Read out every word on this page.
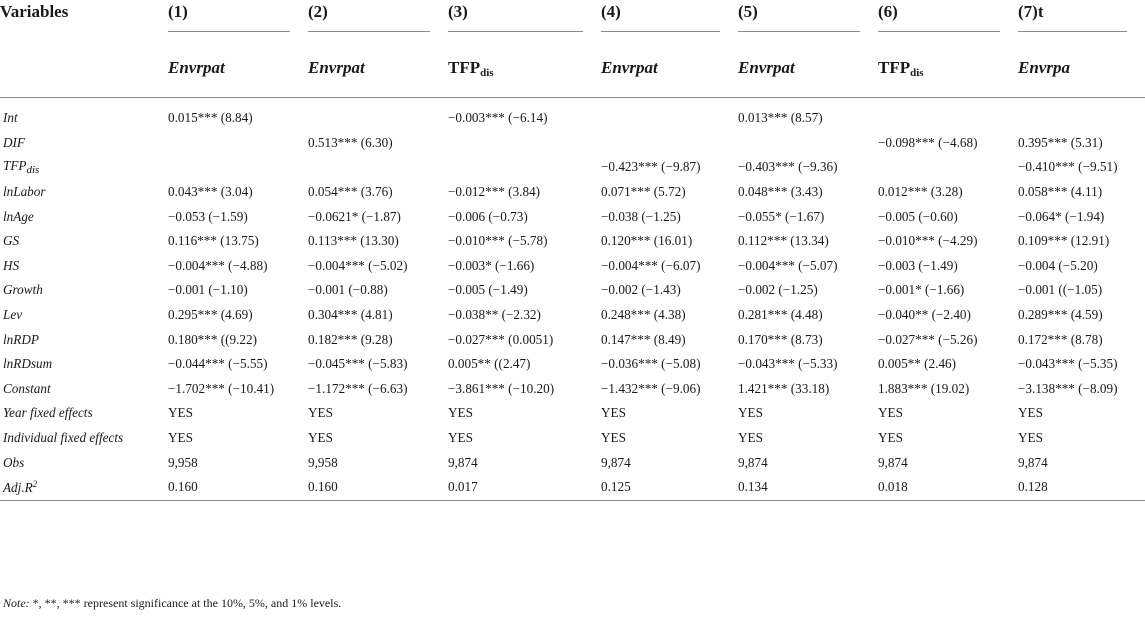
Variables	(1)	(2)	(3)	(4)	(5)	(6)	(7)t

	Envrpat	Envrpat	$TFP_{dis}$	Envrpat	Envrpat	$TFP_{dis}$	Envrpa
Int	0.015*** (8.84)		−0.003*** (−6.14)		0.013*** (8.57)		
DIF		0.513*** (6.30)				−0.098*** (−4.68)	0.395*** (5.31)
$TFP_{dis}$				−0.423*** (−9.87)	−0.403*** (−9.36)		−0.410*** (−9.51)
lnLabor	0.043*** (3.04)	0.054*** (3.76)	−0.012*** (3.84)	0.071*** (5.72)	0.048*** (3.43)	0.012*** (3.28)	0.058*** (4.11)
lnAge	−0.053 (−1.59)	−0.0621* (−1.87)	−0.006 (−0.73)	−0.038 (−1.25)	−0.055* (−1.67)	−0.005 (−0.60)	−0.064* (−1.94)
GS	0.116*** (13.75)	0.113*** (13.30)	−0.010*** (−5.78)	0.120*** (16.01)	0.112*** (13.34)	−0.010*** (−4.29)	0.109*** (12.91)
HS	−0.004*** (−4.88)	−0.004*** (−5.02)	−0.003* (−1.66)	−0.004*** (−6.07)	−0.004*** (−5.07)	−0.003 (−1.49)	−0.004 (−5.20)
Growth	−0.001 (−1.10)	−0.001 (−0.88)	−0.005 (−1.49)	−0.002 (−1.43)	−0.002 (−1.25)	−0.001* (−1.66)	−0.001 ((−1.05)
Lev	0.295*** (4.69)	0.304*** (4.81)	−0.038** (−2.32)	0.248*** (4.38)	0.281*** (4.48)	−0.040** (−2.40)	0.289*** (4.59)
lnRDP	0.180*** ((9.22)	0.182*** (9.28)	−0.027*** (0.0051)	0.147*** (8.49)	0.170*** (8.73)	−0.027*** (−5.26)	0.172*** (8.78)
lnRDsum	−0.044*** (−5.55)	−0.045*** (−5.83)	0.005** ((2.47)	−0.036*** (−5.08)	−0.043*** (−5.33)	0.005** (2.46)	−0.043*** (−5.35)
Constant	−1.702*** (−10.41)	−1.172*** (−6.63)	−3.861*** (−10.20)	−1.432*** (−9.06)	1.421*** (33.18)	1.883*** (19.02)	−3.138*** (−8.09)
Year fixed effects	YES	YES	YES	YES	YES	YES	YES
Individual fixed effects	YES	YES	YES	YES	YES	YES	YES
Obs	9,958	9,958	9,874	9,874	9,874	9,874	9,874
$Adj.R^2$	0.160	0.160	0.017	0.125	0.134	0.018	0.128
Note: *, **, *** represent significance at the 10%, 5%, and 1% levels.
